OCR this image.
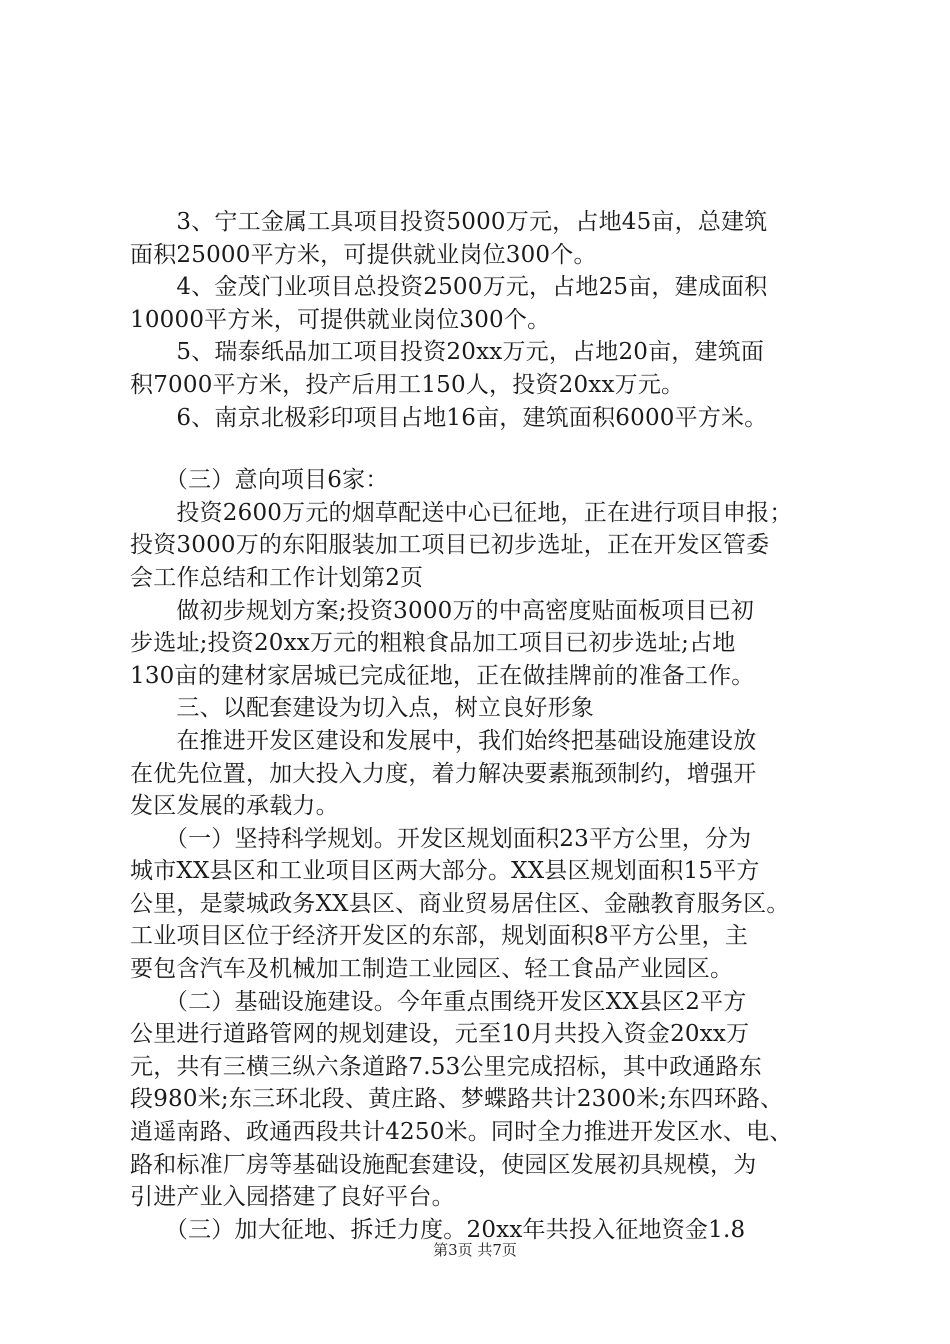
　　3、宁工金属工具项目投资5000万元，占地45亩，总建筑
面积25000平方米，可提供就业岗位300个。
　　4、金茂门业项目总投资2500万元，占地25亩，建成面积
10000平方米，可提供就业岗位300个。
　　5、瑞泰纸品加工项目投资20xx万元，占地20亩，建筑面
积7000平方米，投产后用工150人，投资20xx万元。
　　6、南京北极彩印项目占地16亩，建筑面积6000平方米。
　　（三）意向项目6家：
　　投资2600万元的烟草配送中心已征地，正在进行项目申报；
投资3000万的东阳服装加工项目已初步选址，正在开发区管委
会工作总结和工作计划第2页
　　做初步规划方案;投资3000万的中高密度贴面板项目已初
步选址;投资20xx万元的粗粮食品加工项目已初步选址;占地
130亩的建材家居城已完成征地，正在做挂牌前的准备工作。
　　三、以配套建设为切入点，树立良好形象
　　在推进开发区建设和发展中，我们始终把基础设施建设放
在优先位置，加大投入力度，着力解决要素瓶颈制约，增强开
发区发展的承载力。
　　（一）坚持科学规划。开发区规划面积23平方公里，分为
城市XX县区和工业项目区两大部分。XX县区规划面积15平方
公里，是蒙城政务XX县区、商业贸易居住区、金融教育服务区。
工业项目区位于经济开发区的东部，规划面积8平方公里，主
要包含汽车及机械加工制造工业园区、轻工食品产业园区。
　　（二）基础设施建设。今年重点围绕开发区XX县区2平方
公里进行道路管网的规划建设，元至10月共投入资金20xx万
元，共有三横三纵六条道路7.53公里完成招标，其中政通路东
段980米;东三环北段、黄庄路、梦蝶路共计2300米;东四环路、
逍遥南路、政通西段共计4250米。同时全力推进开发区水、电、
路和标准厂房等基础设施配套建设，使园区发展初具规模，为
引进产业入园搭建了良好平台。
　　（三）加大征地、拆迁力度。20xx年共投入征地资金1.8
第3页 共7页
